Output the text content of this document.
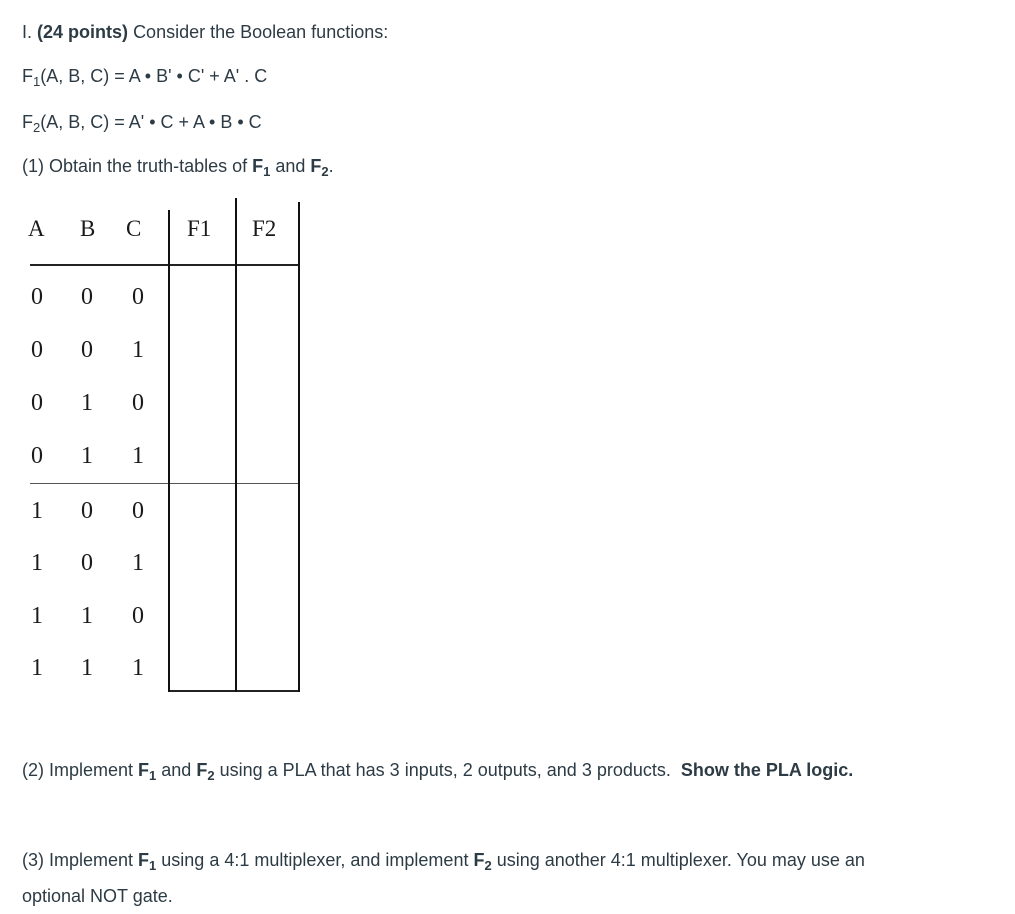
I. (24 points) Consider the Boolean functions:
$F_1(A$, B, C) = A • B' • C' + A' . C
$F_2(A$, B, C) = A' • C + A • B • C
(1) Obtain the truth-tables of $F_1$ and $F_2$.
A B C F1 F2
0	0	0
0	0	1
0	1	0
0	1	1
1	0	0
1	0	1
1	1	0
1	1	1
(2) Implement $F_1$ and $F_2$ using a PLA that has 3 inputs, 2 outputs, and 3 products. Show the PLA logic.
(3) Implement $F_1$ using a 4:1 multiplexer, and implement $F_2$ using another 4:1 multiplexer. You may use an
optional NOT gate.
